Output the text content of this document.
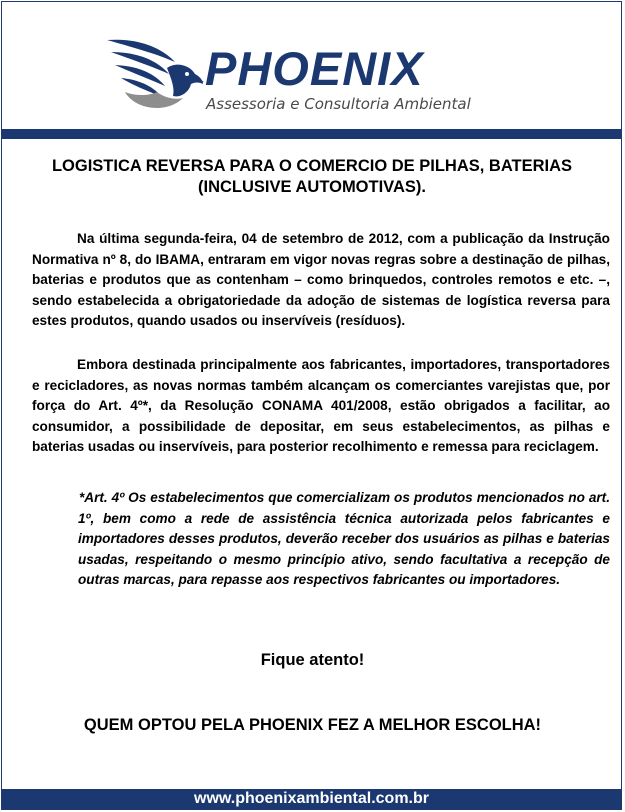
PHOENIX
Assessoria e Consultoria Ambiental
LOGISTICA REVERSA PARA O COMERCIO DE PILHAS, BATERIAS (INCLUSIVE AUTOMOTIVAS).
Na última segunda-feira, 04 de setembro de 2012, com a publicação da Instrução Normativa nº 8, do IBAMA, entraram em vigor novas regras sobre a destinação de pilhas, baterias e produtos que as contenham – como brinquedos, controles remotos e etc. –, sendo estabelecida a obrigatoriedade da adoção de sistemas de logística reversa para estes produtos, quando usados ou inservíveis (resíduos).
Embora destinada principalmente aos fabricantes, importadores, transportadores e recicladores, as novas normas também alcançam os comerciantes varejistas que, por força do Art. 4º*, da Resolução CONAMA 401/2008, estão obrigados a facilitar, ao consumidor, a possibilidade de depositar, em seus estabelecimentos, as pilhas e baterias usadas ou inservíveis, para posterior recolhimento e remessa para reciclagem.
*Art. 4º Os estabelecimentos que comercializam os produtos mencionados no art. 1º, bem como a rede de assistência técnica autorizada pelos fabricantes e importadores desses produtos, deverão receber dos usuários as pilhas e baterias usadas, respeitando o mesmo princípio ativo, sendo facultativa a recepção de outras marcas, para repasse aos respectivos fabricantes ou importadores.
Fique atento!
QUEM OPTOU PELA PHOENIX FEZ A MELHOR ESCOLHA!
www.phoenixambiental.com.br
